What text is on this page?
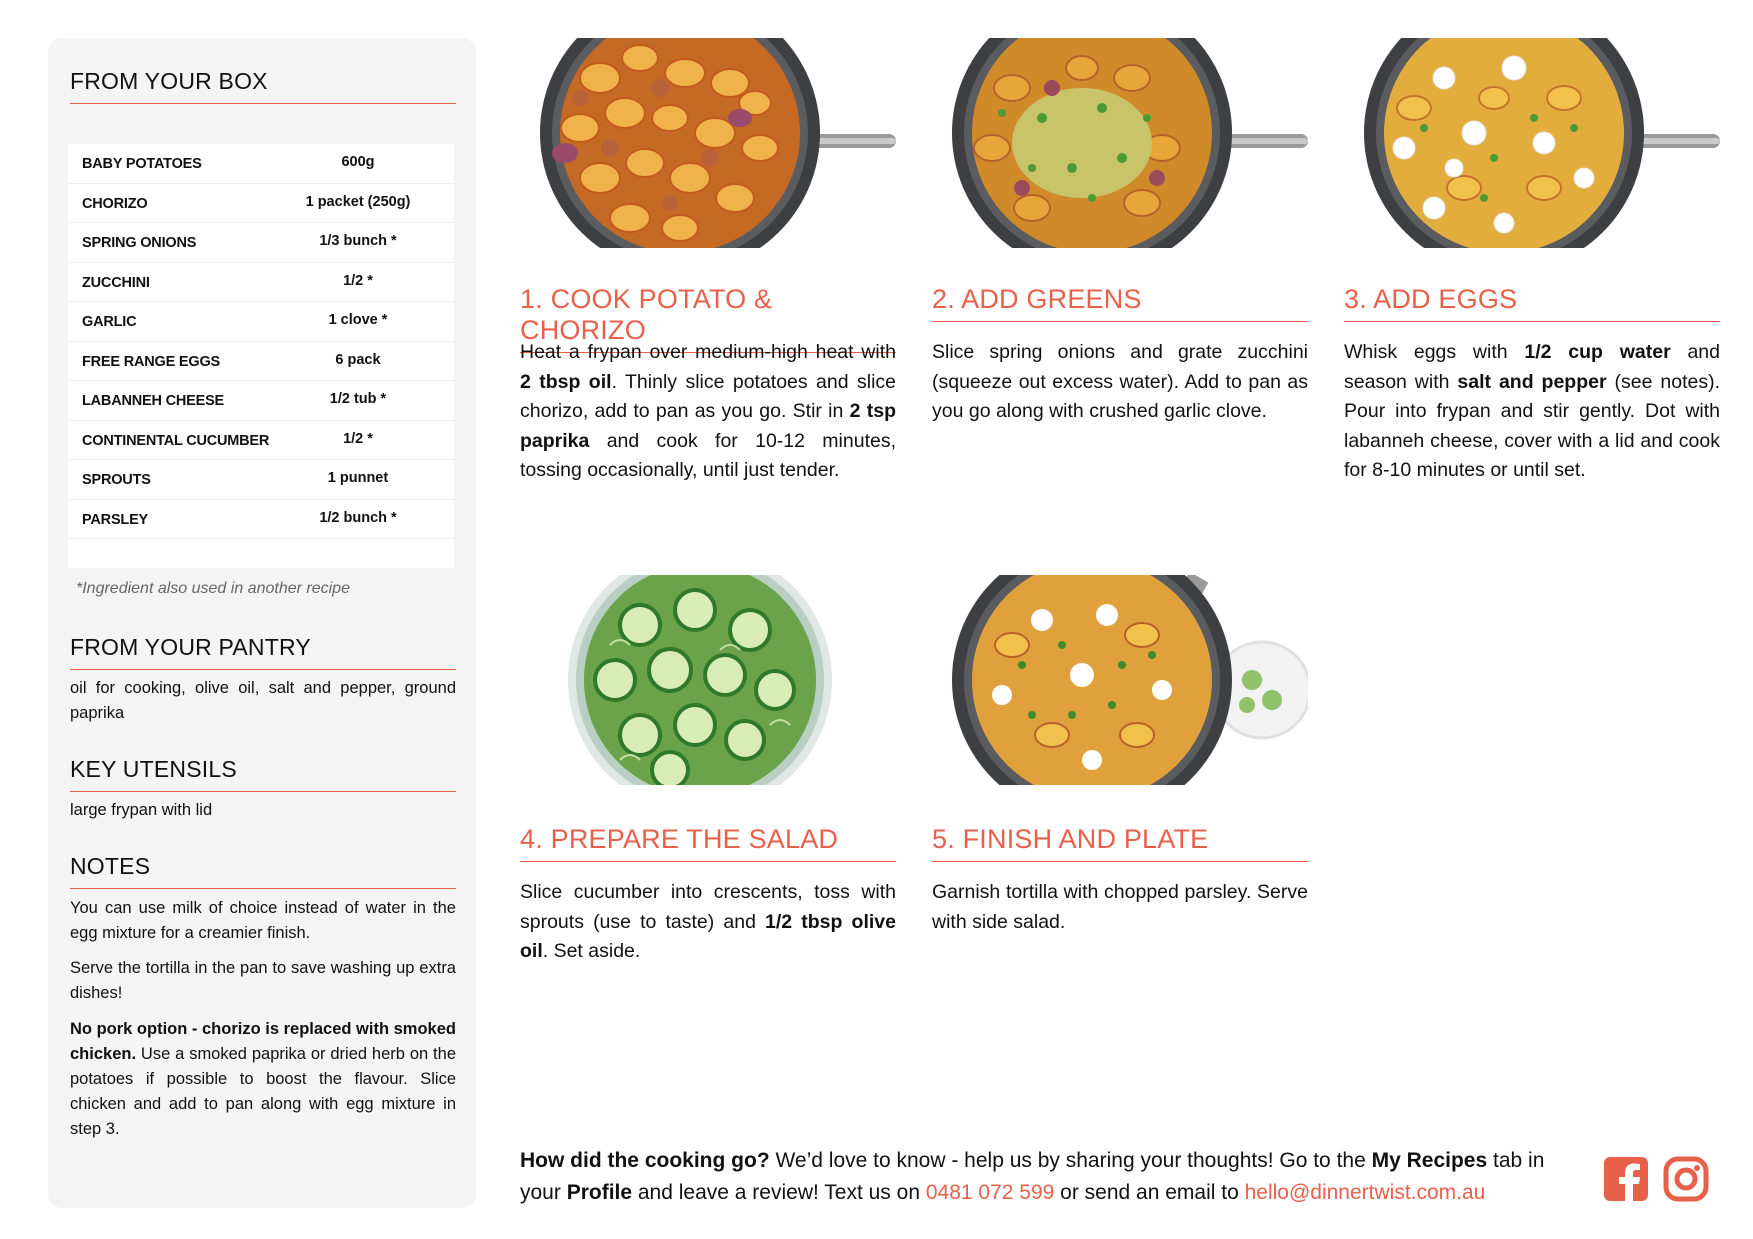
FROM YOUR BOX
BABY POTATOES	600g
CHORIZO	1 packet (250g)
SPRING ONIONS	1/3 bunch *
ZUCCHINI	1/2 *
GARLIC	1 clove *
FREE RANGE EGGS	6 pack
LABANNEH CHEESE	1/2 tub *
CONTINENTAL CUCUMBER	1/2 *
SPROUTS	1 punnet
PARSLEY	1/2 bunch *
*Ingredient also used in another recipe
FROM YOUR PANTRY

oil for cooking, olive oil, salt and pepper, ground paprika

KEY UTENSILS

large frypan with lid

NOTES

You can use milk of choice instead of water in the egg mixture for a creamier finish.

Serve the tortilla in the pan to save washing up extra dishes!

No pork option - chorizo is replaced with smoked chicken. Use a smoked paprika or dried herb on the potatoes if possible to boost the flavour. Slice chicken and add to pan along with egg mixture in step 3.

1. COOK POTATO & CHORIZO

Heat a frypan over medium-high heat with 2 tbsp oil. Thinly slice potatoes and slice chorizo, add to pan as you go. Stir in 2 tsp paprika and cook for 10-12 minutes, tossing occasionally, until just tender.

2. ADD GREENS

Slice spring onions and grate zucchini (squeeze out excess water). Add to pan as you go along with crushed garlic clove.

3. ADD EGGS

Whisk eggs with 1/2 cup water and season with salt and pepper (see notes). Pour into frypan and stir gently. Dot with labanneh cheese, cover with a lid and cook for 8-10 minutes or until set.

4. PREPARE THE SALAD

Slice cucumber into crescents, toss with sprouts (use to taste) and 1/2 tbsp olive oil. Set aside.

5. FINISH AND PLATE

Garnish tortilla with chopped parsley. Serve with side salad.

How did the cooking go? We’d love to know - help us by sharing your thoughts! Go to the My Recipes tab in your Profile and leave a review! Text us on 0481 072 599 or send an email to hello@dinnertwist.com.au
